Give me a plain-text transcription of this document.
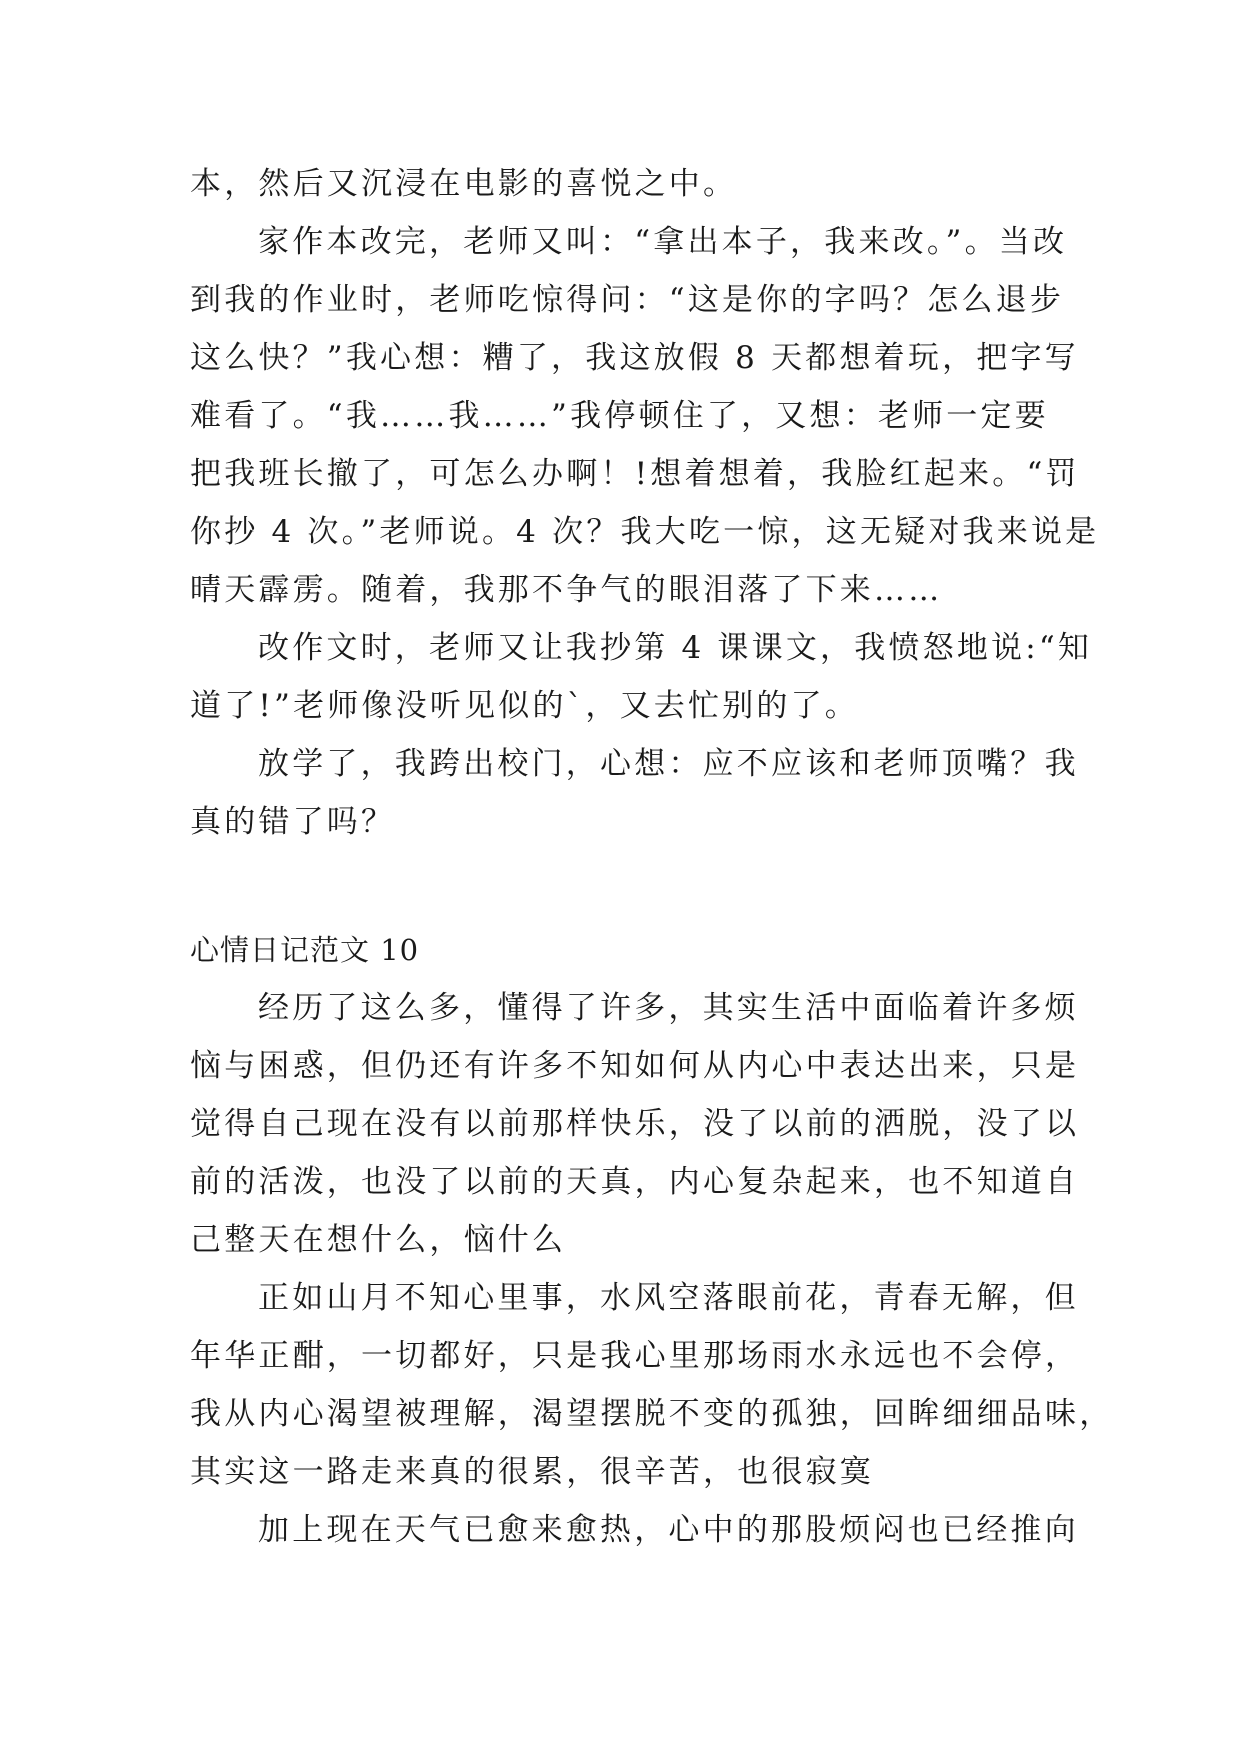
本，然后又沉浸在电影的喜悦之中。
家作本改完，老师又叫：“拿出本子，我来改。”。当改
到我的作业时，老师吃惊得问：“这是你的字吗？怎么退步
这么快？”我心想：糟了，我这放假 8 天都想着玩，把字写
难看了。“我……我……”我停顿住了，又想：老师一定要
把我班长撤了，可怎么办啊！!想着想着，我脸红起来。“罚
你抄 4 次。”老师说。4 次？我大吃一惊，这无疑对我来说是
晴天霹雳。随着，我那不争气的眼泪落了下来……
改作文时，老师又让我抄第 4 课课文，我愤怒地说:“知
道了!”老师像没听见似的`，又去忙别的了。
放学了，我跨出校门，心想：应不应该和老师顶嘴？我
真的错了吗？
心情日记范文 10
经历了这么多，懂得了许多，其实生活中面临着许多烦
恼与困惑，但仍还有许多不知如何从内心中表达出来，只是
觉得自己现在没有以前那样快乐，没了以前的洒脱，没了以
前的活泼，也没了以前的天真，内心复杂起来，也不知道自
己整天在想什么，恼什么
正如山月不知心里事，水风空落眼前花，青春无解，但
年华正酣，一切都好，只是我心里那场雨水永远也不会停，
我从内心渴望被理解，渴望摆脱不变的孤独，回眸细细品味，
其实这一路走来真的很累，很辛苦，也很寂寞
加上现在天气已愈来愈热，心中的那股烦闷也已经推向
